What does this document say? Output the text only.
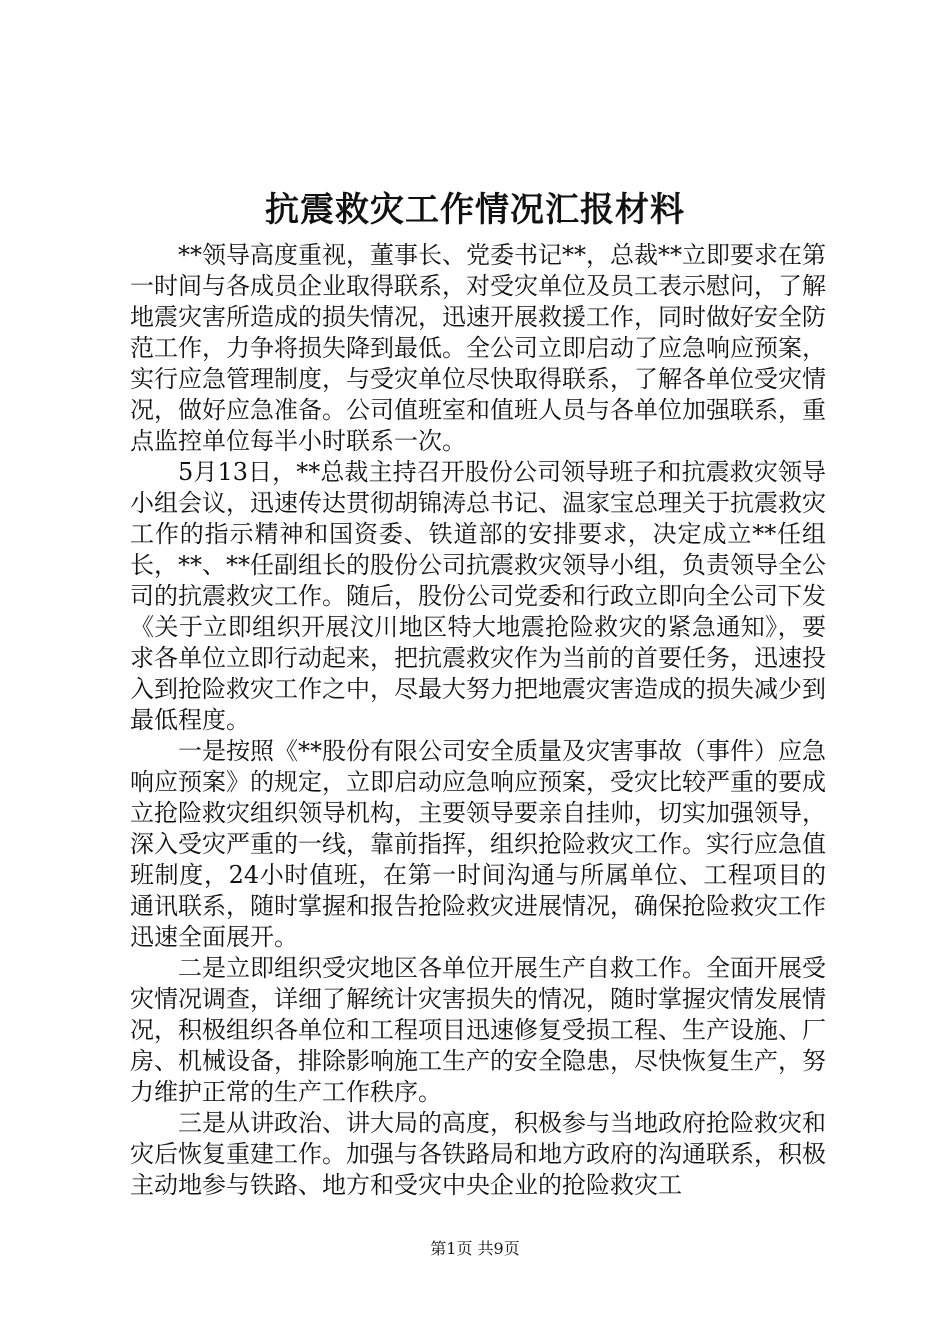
抗震救灾工作情况汇报材料

**领导高度重视，董事长、党委书记**，总裁**立即要求在第一时间与各成员企业取得联系，对受灾单位及员工表示慰问，了解地震灾害所造成的损失情况，迅速开展救援工作，同时做好安全防范工作，力争将损失降到最低。全公司立即启动了应急响应预案，实行应急管理制度，与受灾单位尽快取得联系，了解各单位受灾情况，做好应急准备。公司值班室和值班人员与各单位加强联系，重点监控单位每半小时联系一次。

5月13日，**总裁主持召开股份公司领导班子和抗震救灾领导小组会议，迅速传达贯彻胡锦涛总书记、温家宝总理关于抗震救灾工作的指示精神和国资委、铁道部的安排要求，决定成立**任组长，**、**任副组长的股份公司抗震救灾领导小组，负责领导全公司的抗震救灾工作。随后，股份公司党委和行政立即向全公司下发《关于立即组织开展汶川地区特大地震抢险救灾的紧急通知》，要求各单位立即行动起来，把抗震救灾作为当前的首要任务，迅速投入到抢险救灾工作之中，尽最大努力把地震灾害造成的损失减少到最低程度。

一是按照《**股份有限公司安全质量及灾害事故（事件）应急响应预案》的规定，立即启动应急响应预案，受灾比较严重的要成立抢险救灾组织领导机构，主要领导要亲自挂帅，切实加强领导，深入受灾严重的一线，靠前指挥，组织抢险救灾工作。实行应急值班制度，24小时值班，在第一时间沟通与所属单位、工程项目的通讯联系，随时掌握和报告抢险救灾进展情况，确保抢险救灾工作迅速全面展开。

二是立即组织受灾地区各单位开展生产自救工作。全面开展受灾情况调查，详细了解统计灾害损失的情况，随时掌握灾情发展情况，积极组织各单位和工程项目迅速修复受损工程、生产设施、厂房、机械设备，排除影响施工生产的安全隐患，尽快恢复生产，努力维护正常的生产工作秩序。

三是从讲政治、讲大局的高度，积极参与当地政府抢险救灾和灾后恢复重建工作。加强与各铁路局和地方政府的沟通联系，积极主动地参与铁路、地方和受灾中央企业的抢险救灾工

第1页 共9页
